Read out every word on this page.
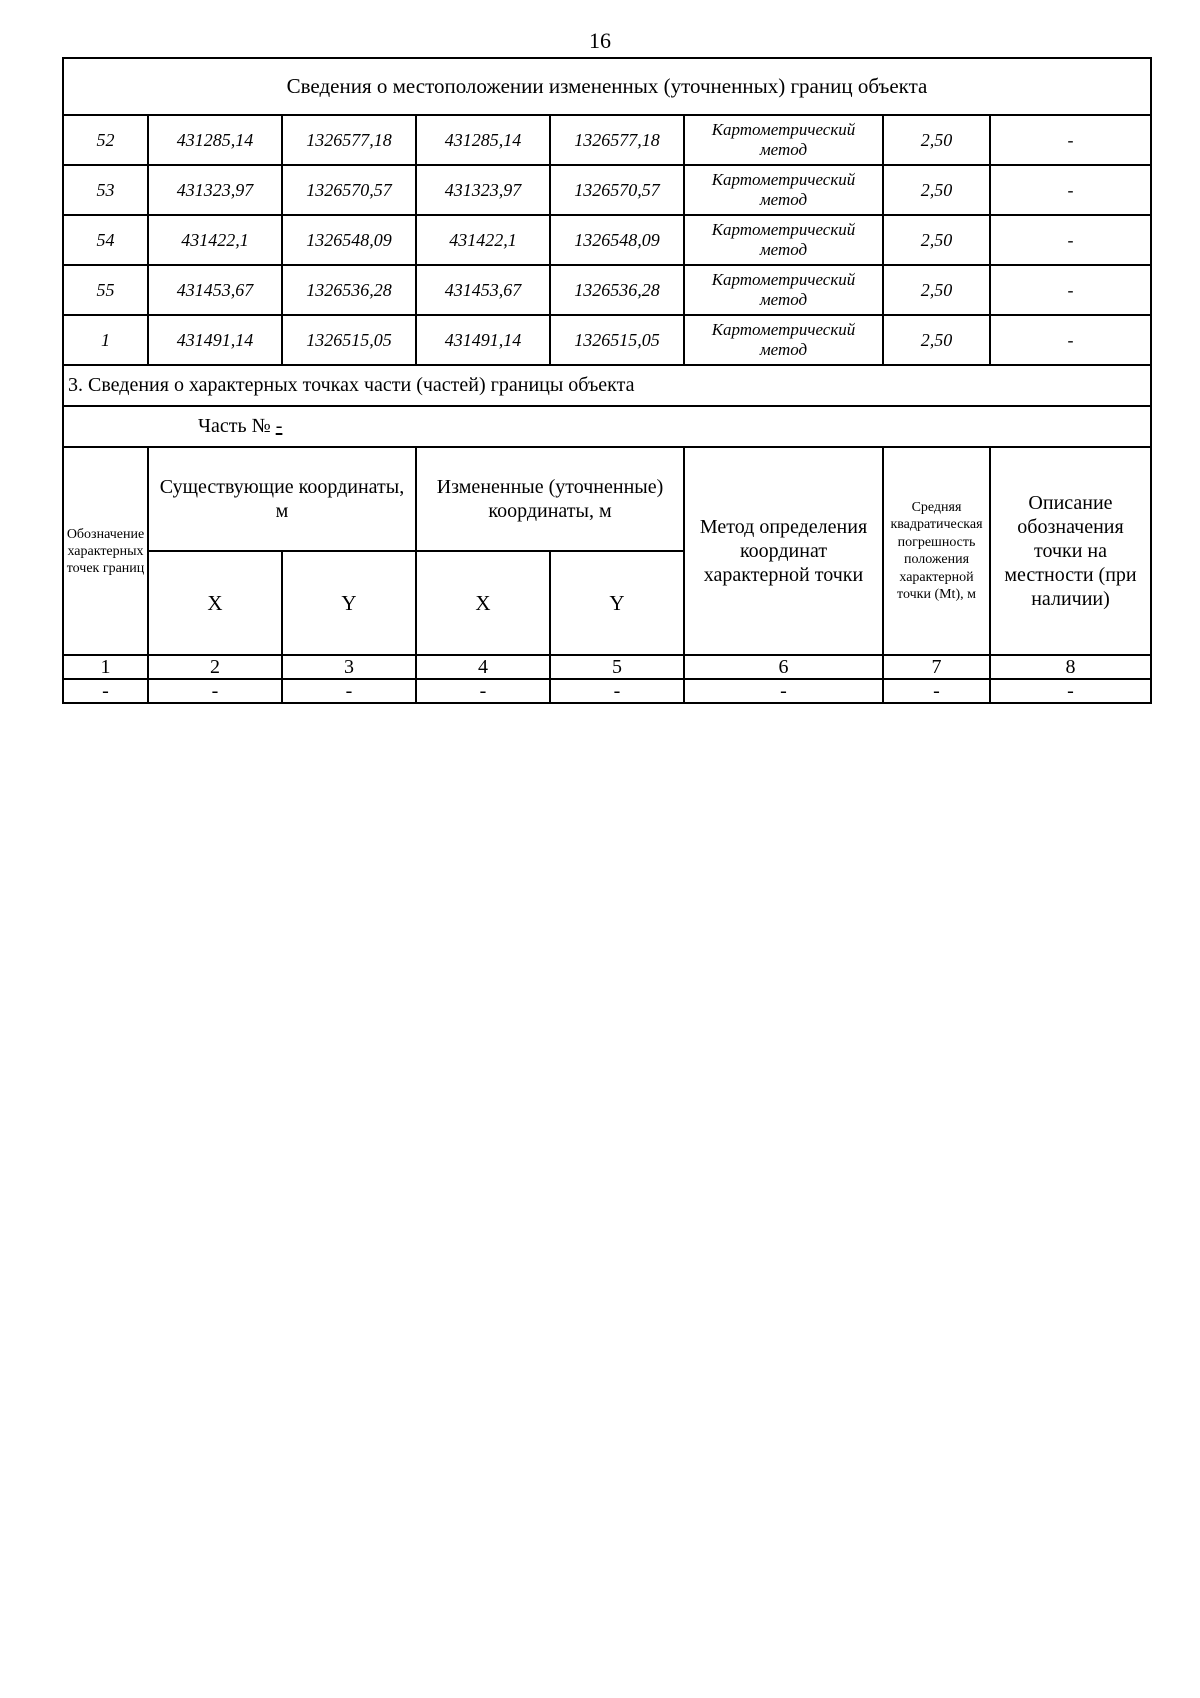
16
Сведения о местоположении измененных (уточненных) границ объекта							
52	431285,14	1326577,18	431285,14	1326577,18	Картометрический метод	2,50	-
53	431323,97	1326570,57	431323,97	1326570,57	Картометрический метод	2,50	-
54	431422,1	1326548,09	431422,1	1326548,09	Картометрический метод	2,50	-
55	431453,67	1326536,28	431453,67	1326536,28	Картометрический метод	2,50	-
1	431491,14	1326515,05	431491,14	1326515,05	Картометрический метод	2,50	-
3. Сведения о характерных точках части (частей) границы объекта							
Часть № -							
Обозначение характерных точек границ	Существующие координаты, м		Измененные (уточненные) координаты, м		Метод определения координат характерной точки	Средняя квадратическая погрешность положения характерной точки (Mt), м	Описание обозначения точки на местности (при наличии)
	X	Y	X	Y			
1	2	3	4	5	6	7	8
-	-	-	-	-	-	-	-
